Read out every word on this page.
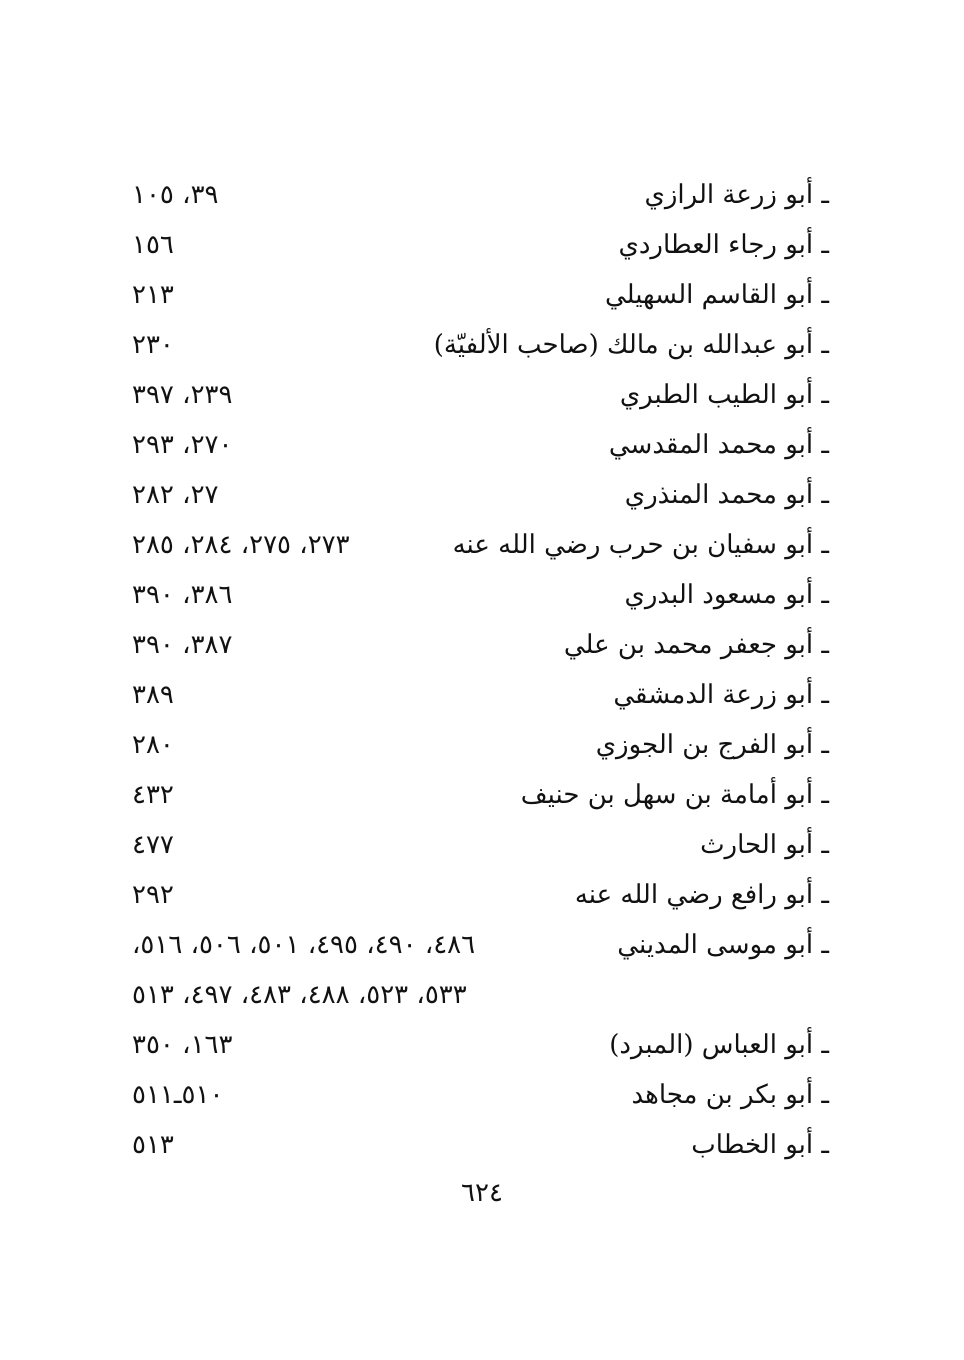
ـ أبو زرعة الرازي
٣٩، ١٠٥
ـ أبو رجاء العطاردي
١٥٦
ـ أبو القاسم السهيلي
٢١٣
ـ أبو عبدالله بن مالك (صاحب الألفيّة)
٢٣٠
ـ أبو الطيب الطبري
٢٣٩، ٣٩٧
ـ أبو محمد المقدسي
٢٧٠، ٢٩٣
ـ أبو محمد المنذري
٢٧، ٢٨٢
ـ أبو سفيان بن حرب رضي الله عنه
٢٧٣، ٢٧٥، ٢٨٤، ٢٨٥
ـ أبو مسعود البدري
٣٨٦، ٣٩٠
ـ أبو جعفر محمد بن علي
٣٨٧، ٣٩٠
ـ أبو زرعة الدمشقي
٣٨٩
ـ أبو الفرج بن الجوزي
٢٨٠
ـ أبو أمامة بن سهل بن حنيف
٤٣٢
ـ أبو الحارث
٤٧٧
ـ أبو رافع رضي الله عنه
٢٩٢
ـ أبو موسى المديني
٤٨٦، ٤٩٠، ٤٩٥، ٥٠١، ٥٠٦، ٥١٦،
٥٣٣، ٥٢٣، ٤٨٨، ٤٨٣، ٤٩٧، ٥١٣
ـ أبو العباس (المبرد)
١٦٣، ٣٥٠
ـ أبو بكر بن مجاهد
٥١٠ـ٥١١
ـ أبو الخطاب
٥١٣
٦٢٤
